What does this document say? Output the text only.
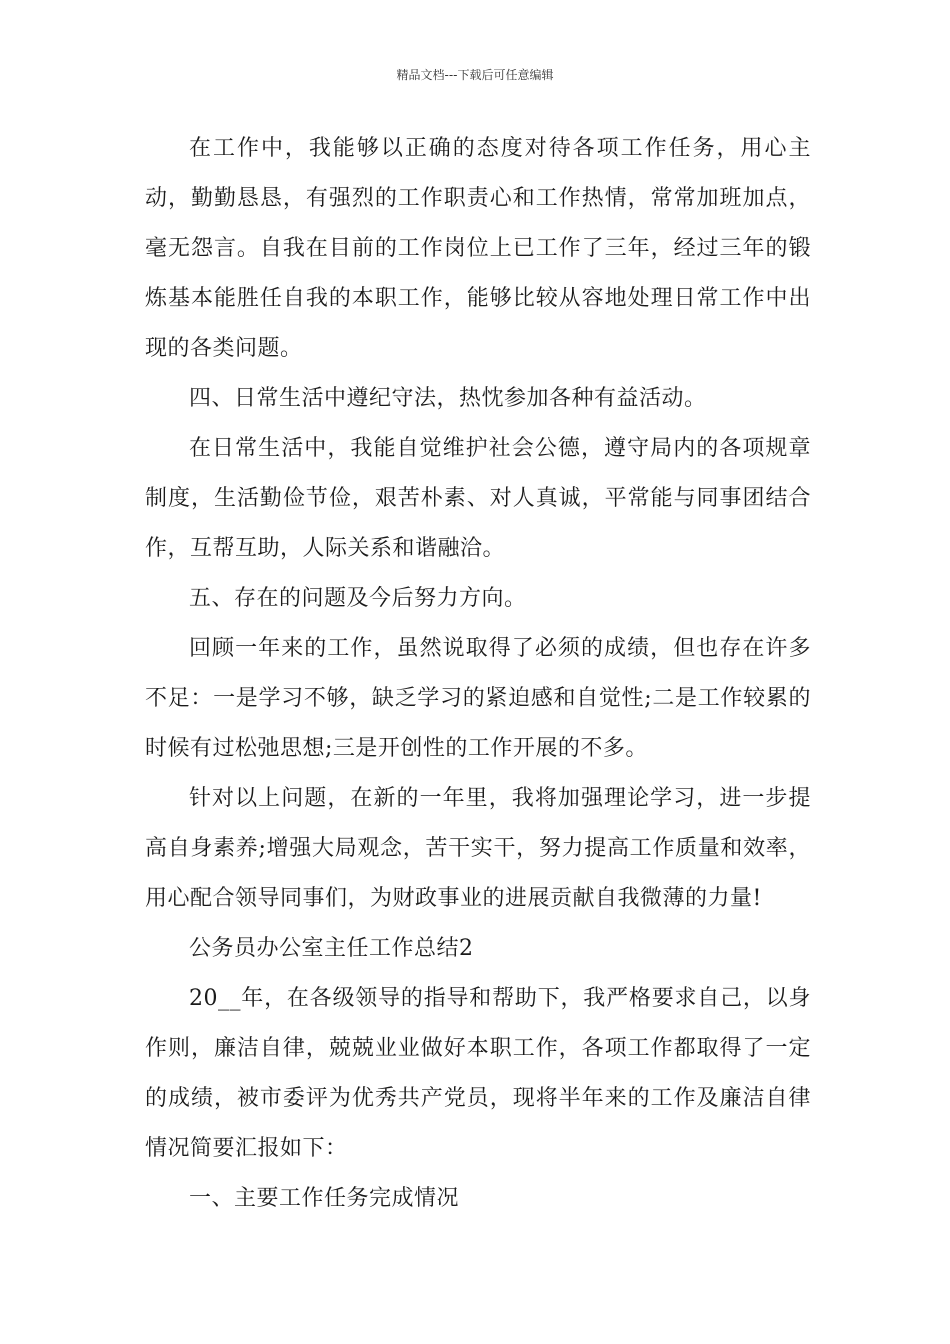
精品文档---下载后可任意编辑

在工作中，我能够以正确的态度对待各项工作任务，用心主动，勤勤恳恳，有强烈的工作职责心和工作热情，常常加班加点，毫无怨言。自我在目前的工作岗位上已工作了三年，经过三年的锻炼基本能胜任自我的本职工作，能够比较从容地处理日常工作中出现的各类问题。

四、日常生活中遵纪守法，热忱参加各种有益活动。

在日常生活中，我能自觉维护社会公德，遵守局内的各项规章制度，生活勤俭节俭，艰苦朴素、对人真诚，平常能与同事团结合作，互帮互助，人际关系和谐融洽。

五、存在的问题及今后努力方向。

回顾一年来的工作，虽然说取得了必须的成绩，但也存在许多不足：一是学习不够，缺乏学习的紧迫感和自觉性;二是工作较累的时候有过松弛思想;三是开创性的工作开展的不多。

针对以上问题，在新的一年里，我将加强理论学习，进一步提高自身素养;增强大局观念，苦干实干，努力提高工作质量和效率，用心配合领导同事们，为财政事业的进展贡献自我微薄的力量!

公务员办公室主任工作总结2

20__年，在各级领导的指导和帮助下，我严格要求自己，以身作则，廉洁自律，兢兢业业做好本职工作，各项工作都取得了一定的成绩，被市委评为优秀共产党员，现将半年来的工作及廉洁自律情况简要汇报如下：

一、主要工作任务完成情况
